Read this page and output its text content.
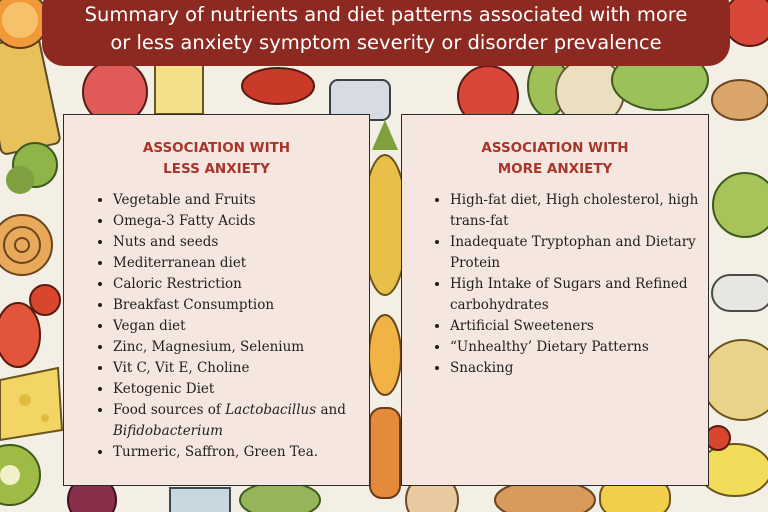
Summary of nutrients and diet patterns associated with more
or less anxiety symptom severity or disorder prevalence
ASSOCIATION WITH
LESS ANXIETY
• Vegetable and Fruits
• Omega-3 Fatty Acids
• Nuts and seeds
• Mediterranean diet
• Caloric Restriction
• Breakfast Consumption
• Vegan diet
• Zinc, Magnesium, Selenium
• Vit C, Vit E, Choline
• Ketogenic Diet
• Food sources of Lactobacillus and Bifidobacterium
• Turmeric, Saffron, Green Tea.
ASSOCIATION WITH
MORE ANXIETY
• High-fat diet, High cholesterol, high trans-fat
• Inadequate Tryptophan and Dietary Protein
• High Intake of Sugars and Refined carbohydrates
• Artificial Sweeteners
• “Unhealthy’ Dietary Patterns
• Snacking
